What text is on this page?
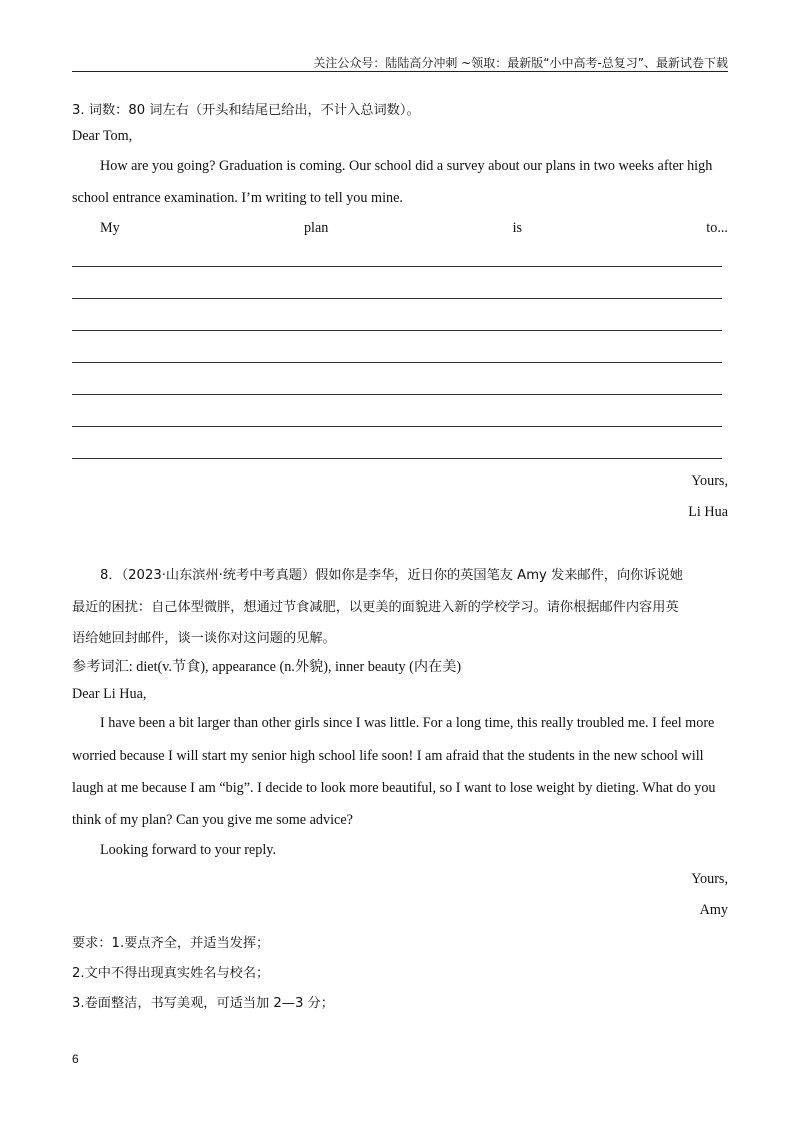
关注公众号：陆陆高分冲刺 ~领取：最新版“小中高考-总复习”、最新试卷下载
3. 词数：80 词左右（开头和结尾已给出，不计入总词数）。
Dear Tom,
How are you going? Graduation is coming. Our school did a survey about our plans in two weeks after high
school entrance examination. I’m writing to tell you mine.
My	plan	is	to...
Yours,
Li Hua
8．（2023·山东滨州·统考中考真题）假如你是李华，近日你的英国笔友 Amy 发来邮件，向你诉说她
最近的困扰：自己体型微胖，想通过节食减肥，以更美的面貌进入新的学校学习。请你根据邮件内容用英
语给她回封邮件，谈一谈你对这问题的见解。
参考词汇: diet(v.节食), appearance (n.外貌), inner beauty (内在美)
Dear Li Hua,
I have been a bit larger than other girls since I was little. For a long time, this really troubled me. I feel more
worried because I will start my senior high school life soon! I am afraid that the students in the new school will
laugh at me because I am “big”. I decide to look more beautiful, so I want to lose weight by dieting. What do you
think of my plan? Can you give me some advice?
Looking forward to your reply.
Yours,
Amy
要求：1.要点齐全，并适当发挥；
2.文中不得出现真实姓名与校名；
3.卷面整洁，书写美观，可适当加 2—3 分；
6
